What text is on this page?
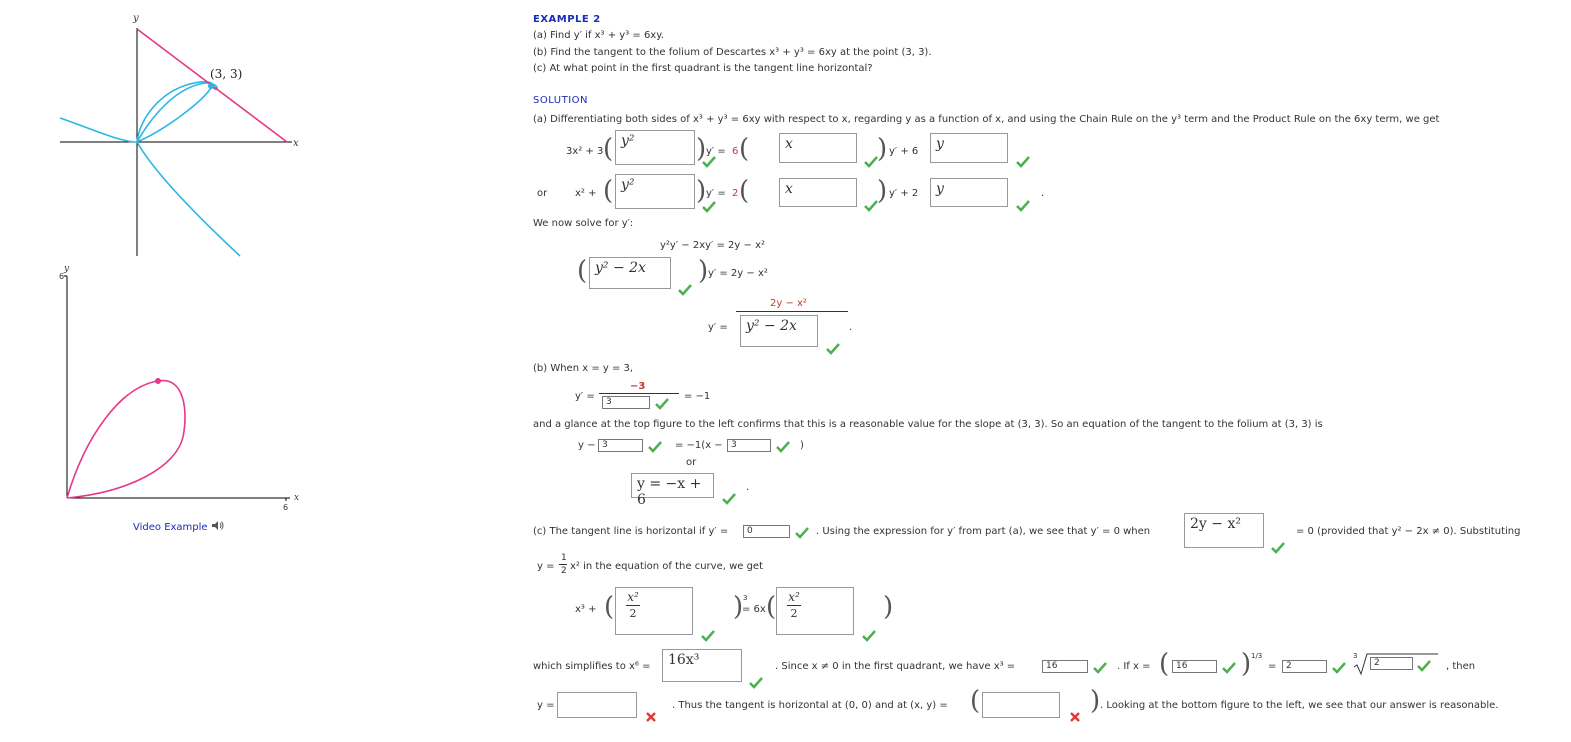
y
x
(3, 3)
y
6
x
6
Video Example
EXAMPLE 2
(a) Find y′ if x³ + y³ = 6xy.
(b) Find the tangent to the folium of Descartes x³ + y³ = 6xy at the point (3, 3).
(c) At what point in the first quadrant is the tangent line horizontal?
SOLUTION
(a) Differentiating both sides of x³ + y³ = 6xy with respect to x, regarding y as a function of x, and using the Chain Rule on the y³ term and the Product Rule on the 6xy term, we get
3x² + 3 ( y²	) y′ = 6 (	x	) y′ + 6	y
or	x² + ( y²	) y′ = 2 (	x	) y′ + 2	y	.
We now solve for y′:
y²y′ − 2xy′ = 2y − x²
( y² − 2x	) y′ = 2y − x²
2y − x²
y′ =	y² − 2x	.
(b) When x = y = 3,
y′ =
−3
3	= −1
and a glance at the top figure to the left confirms that this is a reasonable value for the slope at (3, 3). So an equation of the tangent to the folium at (3, 3) is
y − 3	= −1(x − 3	)
or
y = −x + 6
.
(c) The tangent line is horizontal if y′ =	0	. Using the expression for y′ from part (a), we see that y′ = 0 when	2y − x²	= 0 (provided that y² − 2x ≠ 0). Substituting
y =
1
2 x² in the equation of the curve, we get
x³ + (	x²
2	) 3
= 6x (	x²
2	)
which simplifies to x⁶ =	16x³	. Since x ≠ 0 in the first quadrant, we have x³ =	16	. If x = ( 16	) 1/3
=	2
3
2	, then
y =	. Thus the tangent is horizontal at (0, 0) and at (x, y) = (	) . Looking at the bottom figure to the left, we see that our answer is reasonable.
